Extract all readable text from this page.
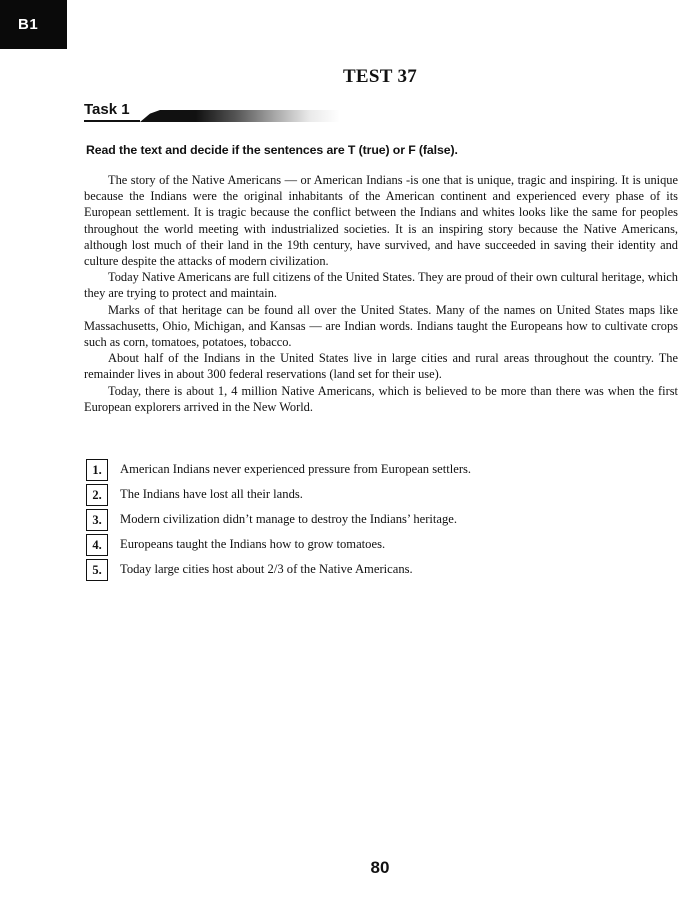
B1
TEST 37
Task 1
Read the text and decide if the sentences are T (true) or F (false).

The story of the Native Americans — or American Indians -is one that is unique, tragic and inspiring. It is unique because the Indians were the original inhabitants of the American continent and experienced every phase of its European settlement. It is tragic because the conflict between the Indians and whites looks like the same for peoples throughout the world meeting with industrialized societies. It is an inspiring story because the Native Americans, although lost much of their land in the 19th century, have survived, and have succeeded in saving their identity and culture despite the attacks of modern civilization.

Today Native Americans are full citizens of the United States. They are proud of their own cultural heritage, which they are trying to protect and maintain.

Marks of that heritage can be found all over the United States. Many of the names on United States maps like Massachusetts, Ohio, Michigan, and Kansas — are Indian words. Indians taught the Europeans how to cultivate crops such as corn, tomatoes, potatoes, tobacco.

About half of the Indians in the United States live in large cities and rural areas throughout the country. The remainder lives in about 300 federal reservations (land set for their use).

Today, there is about 1, 4 million Native Americans, which is believed to be more than there was when the first European explorers arrived in the New World.

1.	American Indians never experienced pressure from European settlers.
2.	The Indians have lost all their lands.
3.	Modern civilization didn’t manage to destroy the Indians’ heritage.
4.	Europeans taught the Indians how to grow tomatoes.
5.	Today large cities host about 2/3 of the Native Americans.
80
